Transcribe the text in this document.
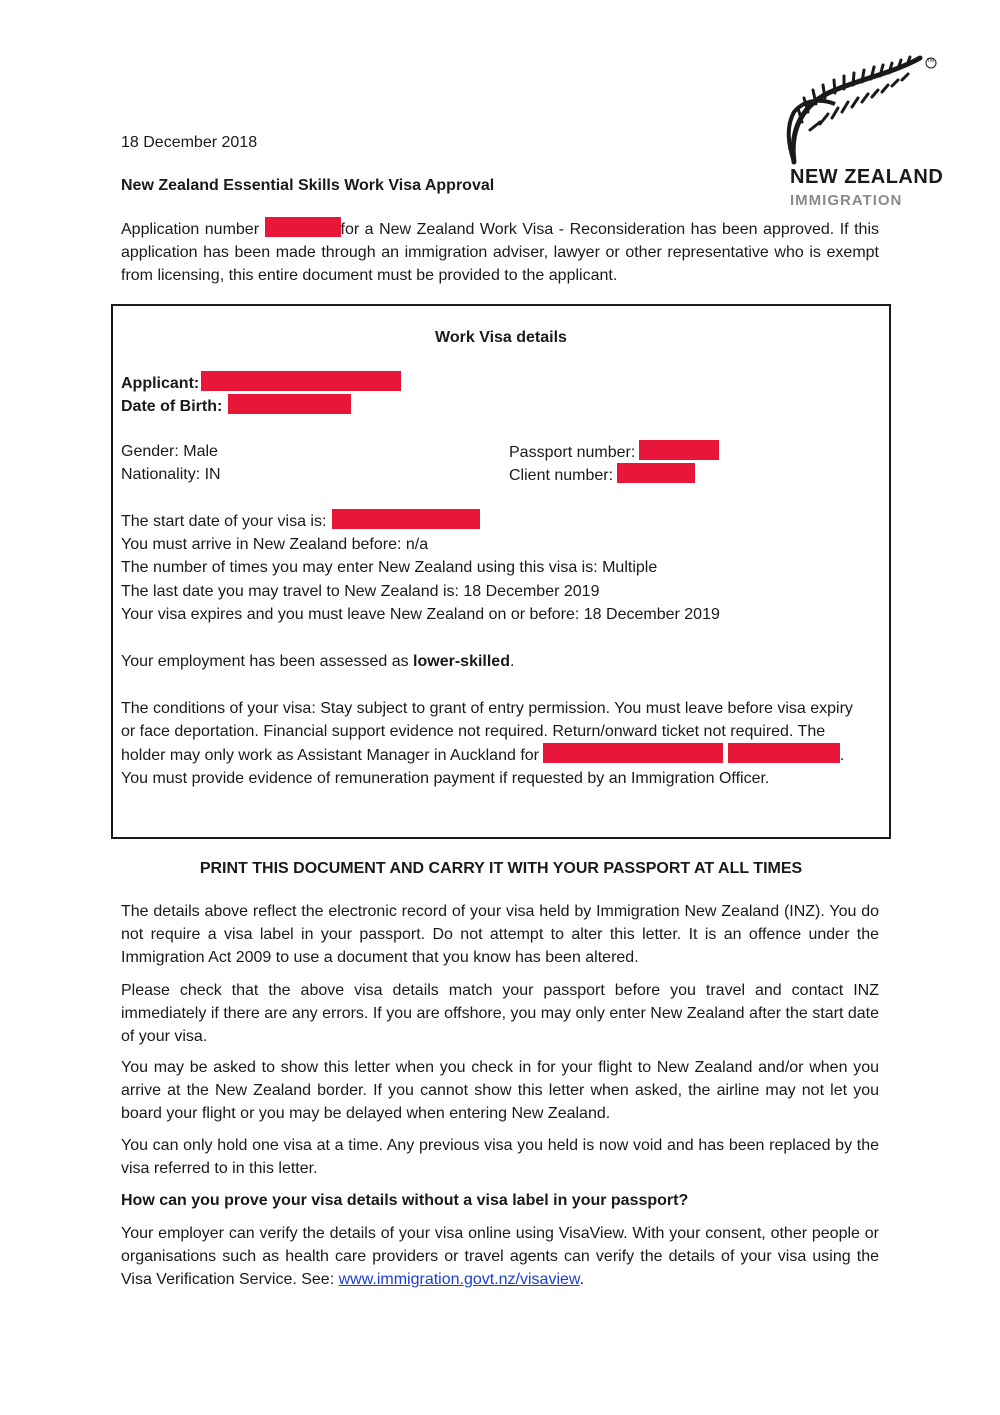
TM
NEW ZEALAND
IMMIGRATION
18 December 2018
New Zealand Essential Skills Work Visa Approval
Application number	for a New Zealand Work Visa - Reconsideration has been approved. If this application has been made through an immigration adviser, lawyer or other representative who is exempt from licensing, this entire document must be provided to the applicant.
Work Visa details
Applicant:
Date of Birth:
Gender: Male
Nationality: IN
Passport number:
Client number:
The start date of your visa is:
You must arrive in New Zealand before: n/a
The number of times you may enter New Zealand using this visa is: Multiple
The last date you may travel to New Zealand is: 18 December 2019
Your visa expires and you must leave New Zealand on or before: 18 December 2019
Your employment has been assessed as lower-skilled.
The conditions of your visa: Stay subject to grant of entry permission. You must leave before visa expiry or face deportation. Financial support evidence not required. Return/onward ticket not required. The holder may only work as Assistant Manager in Auckland for	. You must provide evidence of remuneration payment if requested by an Immigration Officer.
PRINT THIS DOCUMENT AND CARRY IT WITH YOUR PASSPORT AT ALL TIMES
The details above reflect the electronic record of your visa held by Immigration New Zealand (INZ). You do not require a visa label in your passport. Do not attempt to alter this letter. It is an offence under the Immigration Act 2009 to use a document that you know has been altered.
Please check that the above visa details match your passport before you travel and contact INZ immediately if there are any errors. If you are offshore, you may only enter New Zealand after the start date of your visa.
You may be asked to show this letter when you check in for your flight to New Zealand and/or when you arrive at the New Zealand border. If you cannot show this letter when asked, the airline may not let you board your flight or you may be delayed when entering New Zealand.
You can only hold one visa at a time. Any previous visa you held is now void and has been replaced by the visa referred to in this letter.
How can you prove your visa details without a visa label in your passport?
Your employer can verify the details of your visa online using VisaView. With your consent, other people or organisations such as health care providers or travel agents can verify the details of your visa using the Visa Verification Service. See: www.immigration.govt.nz/visaview.
